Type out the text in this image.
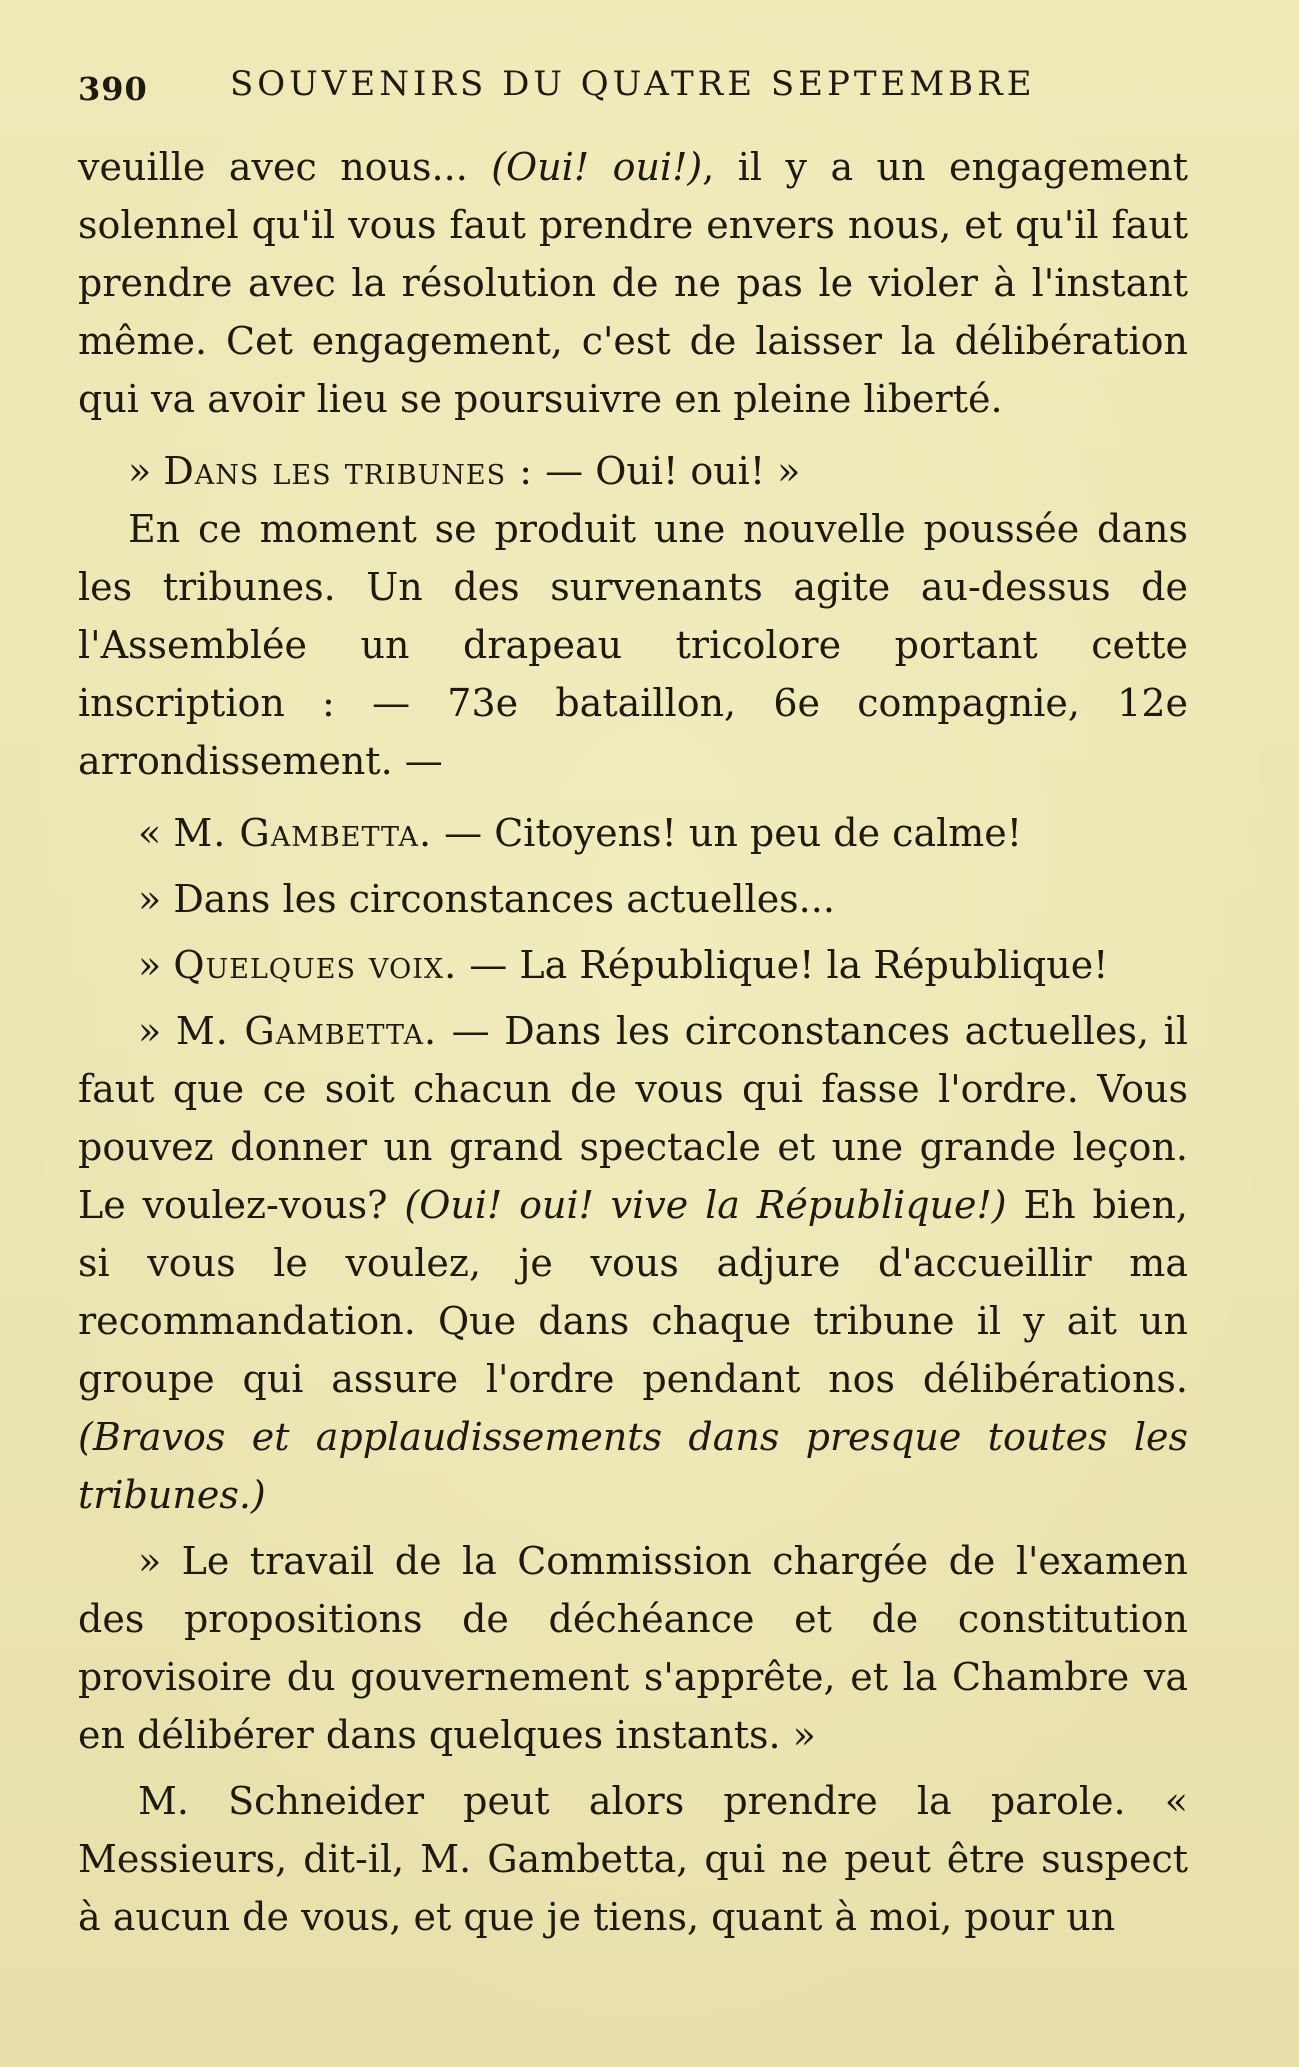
390 SOUVENIRS DU QUATRE SEPTEMBRE

veuille avec nous... (Oui! oui!), il y a un engagement solennel qu'il vous faut prendre envers nous, et qu'il faut prendre avec la résolution de ne pas le violer à l'instant même. Cet engagement, c'est de laisser la délibération qui va avoir lieu se poursuivre en pleine liberté.

» Dans les tribunes : — Oui! oui! »

En ce moment se produit une nouvelle poussée dans les tribunes. Un des survenants agite au-dessus de l'Assemblée un drapeau tricolore portant cette inscription : — 73e bataillon, 6e compagnie, 12e arrondissement. —

« M. Gambetta. — Citoyens! un peu de calme!

» Dans les circonstances actuelles...

» Quelques voix. — La République! la République!

» M. Gambetta. — Dans les circonstances actuelles, il faut que ce soit chacun de vous qui fasse l'ordre. Vous pouvez donner un grand spectacle et une grande leçon. Le voulez-vous? (Oui! oui! vive la République!) Eh bien, si vous le voulez, je vous adjure d'accueillir ma recommandation. Que dans chaque tribune il y ait un groupe qui assure l'ordre pendant nos délibérations. (Bravos et applaudissements dans presque toutes les tribunes.)

» Le travail de la Commission chargée de l'examen des propositions de déchéance et de constitution provisoire du gouvernement s'apprête, et la Chambre va en délibérer dans quelques instants. »

M. Schneider peut alors prendre la parole. « Messieurs, dit-il, M. Gambetta, qui ne peut être suspect à aucun de vous, et que je tiens, quant à moi, pour un
